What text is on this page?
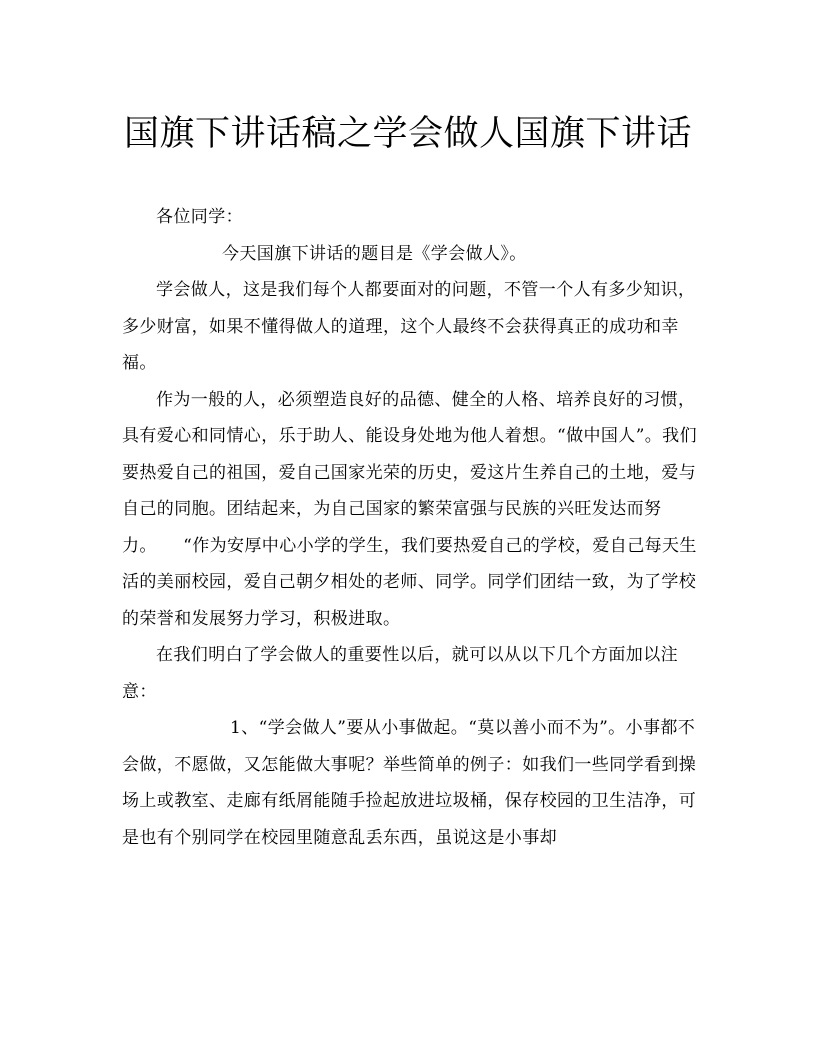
国旗下讲话稿之学会做人国旗下讲话

各位同学：

今天国旗下讲话的题目是《学会做人》。

学会做人，这是我们每个人都要面对的问题，不管一个人有多少知识，多少财富，如果不懂得做人的道理，这个人最终不会获得真正的成功和幸福。

作为一般的人，必须塑造良好的品德、健全的人格、培养良好的习惯，具有爱心和同情心，乐于助人、能设身处地为他人着想。“做中国人”。我们要热爱自己的祖国，爱自己国家光荣的历史，爱这片生养自己的土地，爱与自己的同胞。团结起来，为自己国家的繁荣富强与民族的兴旺发达而努力。　　“作为安厚中心小学的学生，我们要热爱自己的学校，爱自己每天生活的美丽校园，爱自己朝夕相处的老师、同学。同学们团结一致，为了学校的荣誉和发展努力学习，积极进取。

在我们明白了学会做人的重要性以后，就可以从以下几个方面加以注意：

1、“学会做人”要从小事做起。“莫以善小而不为”。小事都不会做，不愿做，又怎能做大事呢？举些简单的例子：如我们一些同学看到操场上或教室、走廊有纸屑能随手捡起放进垃圾桶，保存校园的卫生洁净，可是也有个别同学在校园里随意乱丢东西，虽说这是小事却
